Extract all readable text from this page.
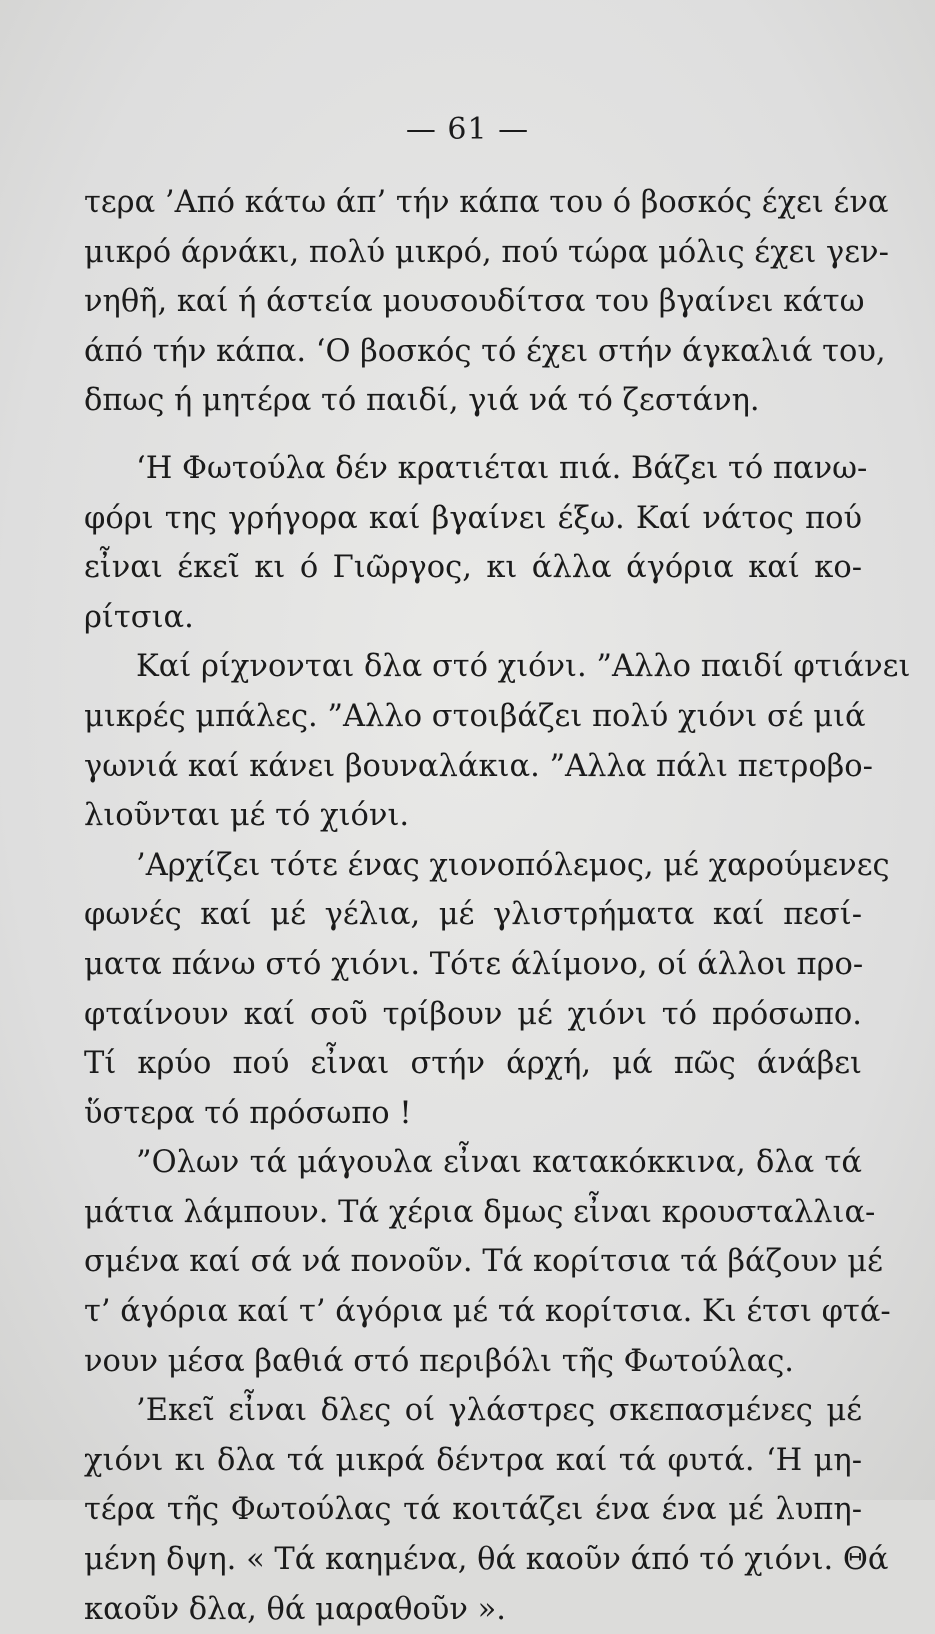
— 61 —

τερα ’Από κάτω άπ’ τήν κάπα του ό βοσκός έχει ένα
μικρό άρνάκι, πολύ μικρό, πού τώρα μόλις έχει γεν-
νηθῆ, καί ή άστεία μουσουδίτσα του βγαίνει κάτω
άπό τήν κάπα. ‘Ο βοσκός τό έχει στήν άγκαλιά του,
δπως ή μητέρα τό παιδί, γιά νά τό ζεστάνη.

‘Η Φωτούλα δέν κρατιέται πιά. Βάζει τό πανω-
φόρι της γρήγορα καί βγαίνει έξω. Καί νάτος πού
εἶναι έκεῖ κι ό Γιῶργος, κι άλλα άγόρια καί κο-
ρίτσια.

Καί ρίχνονται δλα στό χιόνι. ”Αλλο παιδί φτιάνει
μικρές μπάλες. ”Αλλο στοιβάζει πολύ χιόνι σέ μιά
γωνιά καί κάνει βουναλάκια. ”Αλλα πάλι πετροβο-
λιοῦνται μέ τό χιόνι.

’Αρχίζει τότε ένας χιονοπόλεμος, μέ χαρούμενες
φωνές καί μέ γέλια, μέ γλιστρήματα καί πεσί-
ματα πάνω στό χιόνι. Τότε άλίμονο, οί άλλοι προ-
φταίνουν καί σοῦ τρίβουν μέ χιόνι τό πρόσωπο.
Τί κρύο πού εἶναι στήν άρχή, μά πῶς άνάβει
ὕστερα τό πρόσωπο !

”Ολων τά μάγουλα εἶναι κατακόκκινα, δλα τά
μάτια λάμπουν. Τά χέρια δμως εἶναι κρουσταλλια-
σμένα καί σά νά πονοῦν. Τά κορίτσια τά βάζουν μέ
τ’ άγόρια καί τ’ άγόρια μέ τά κορίτσια. Κι έτσι φτά-
νουν μέσα βαθιά στό περιβόλι τῆς Φωτούλας.

’Εκεῖ εἶναι δλες οί γλάστρες σκεπασμένες μέ
χιόνι κι δλα τά μικρά δέντρα καί τά φυτά. ‘Η μη-
τέρα τῆς Φωτούλας τά κοιτάζει ένα ένα μέ λυπη-
μένη δψη. « Τά καημένα, θά καοῦν άπό τό χιόνι. Θά
καοῦν δλα, θά μαραθοῦν ».
